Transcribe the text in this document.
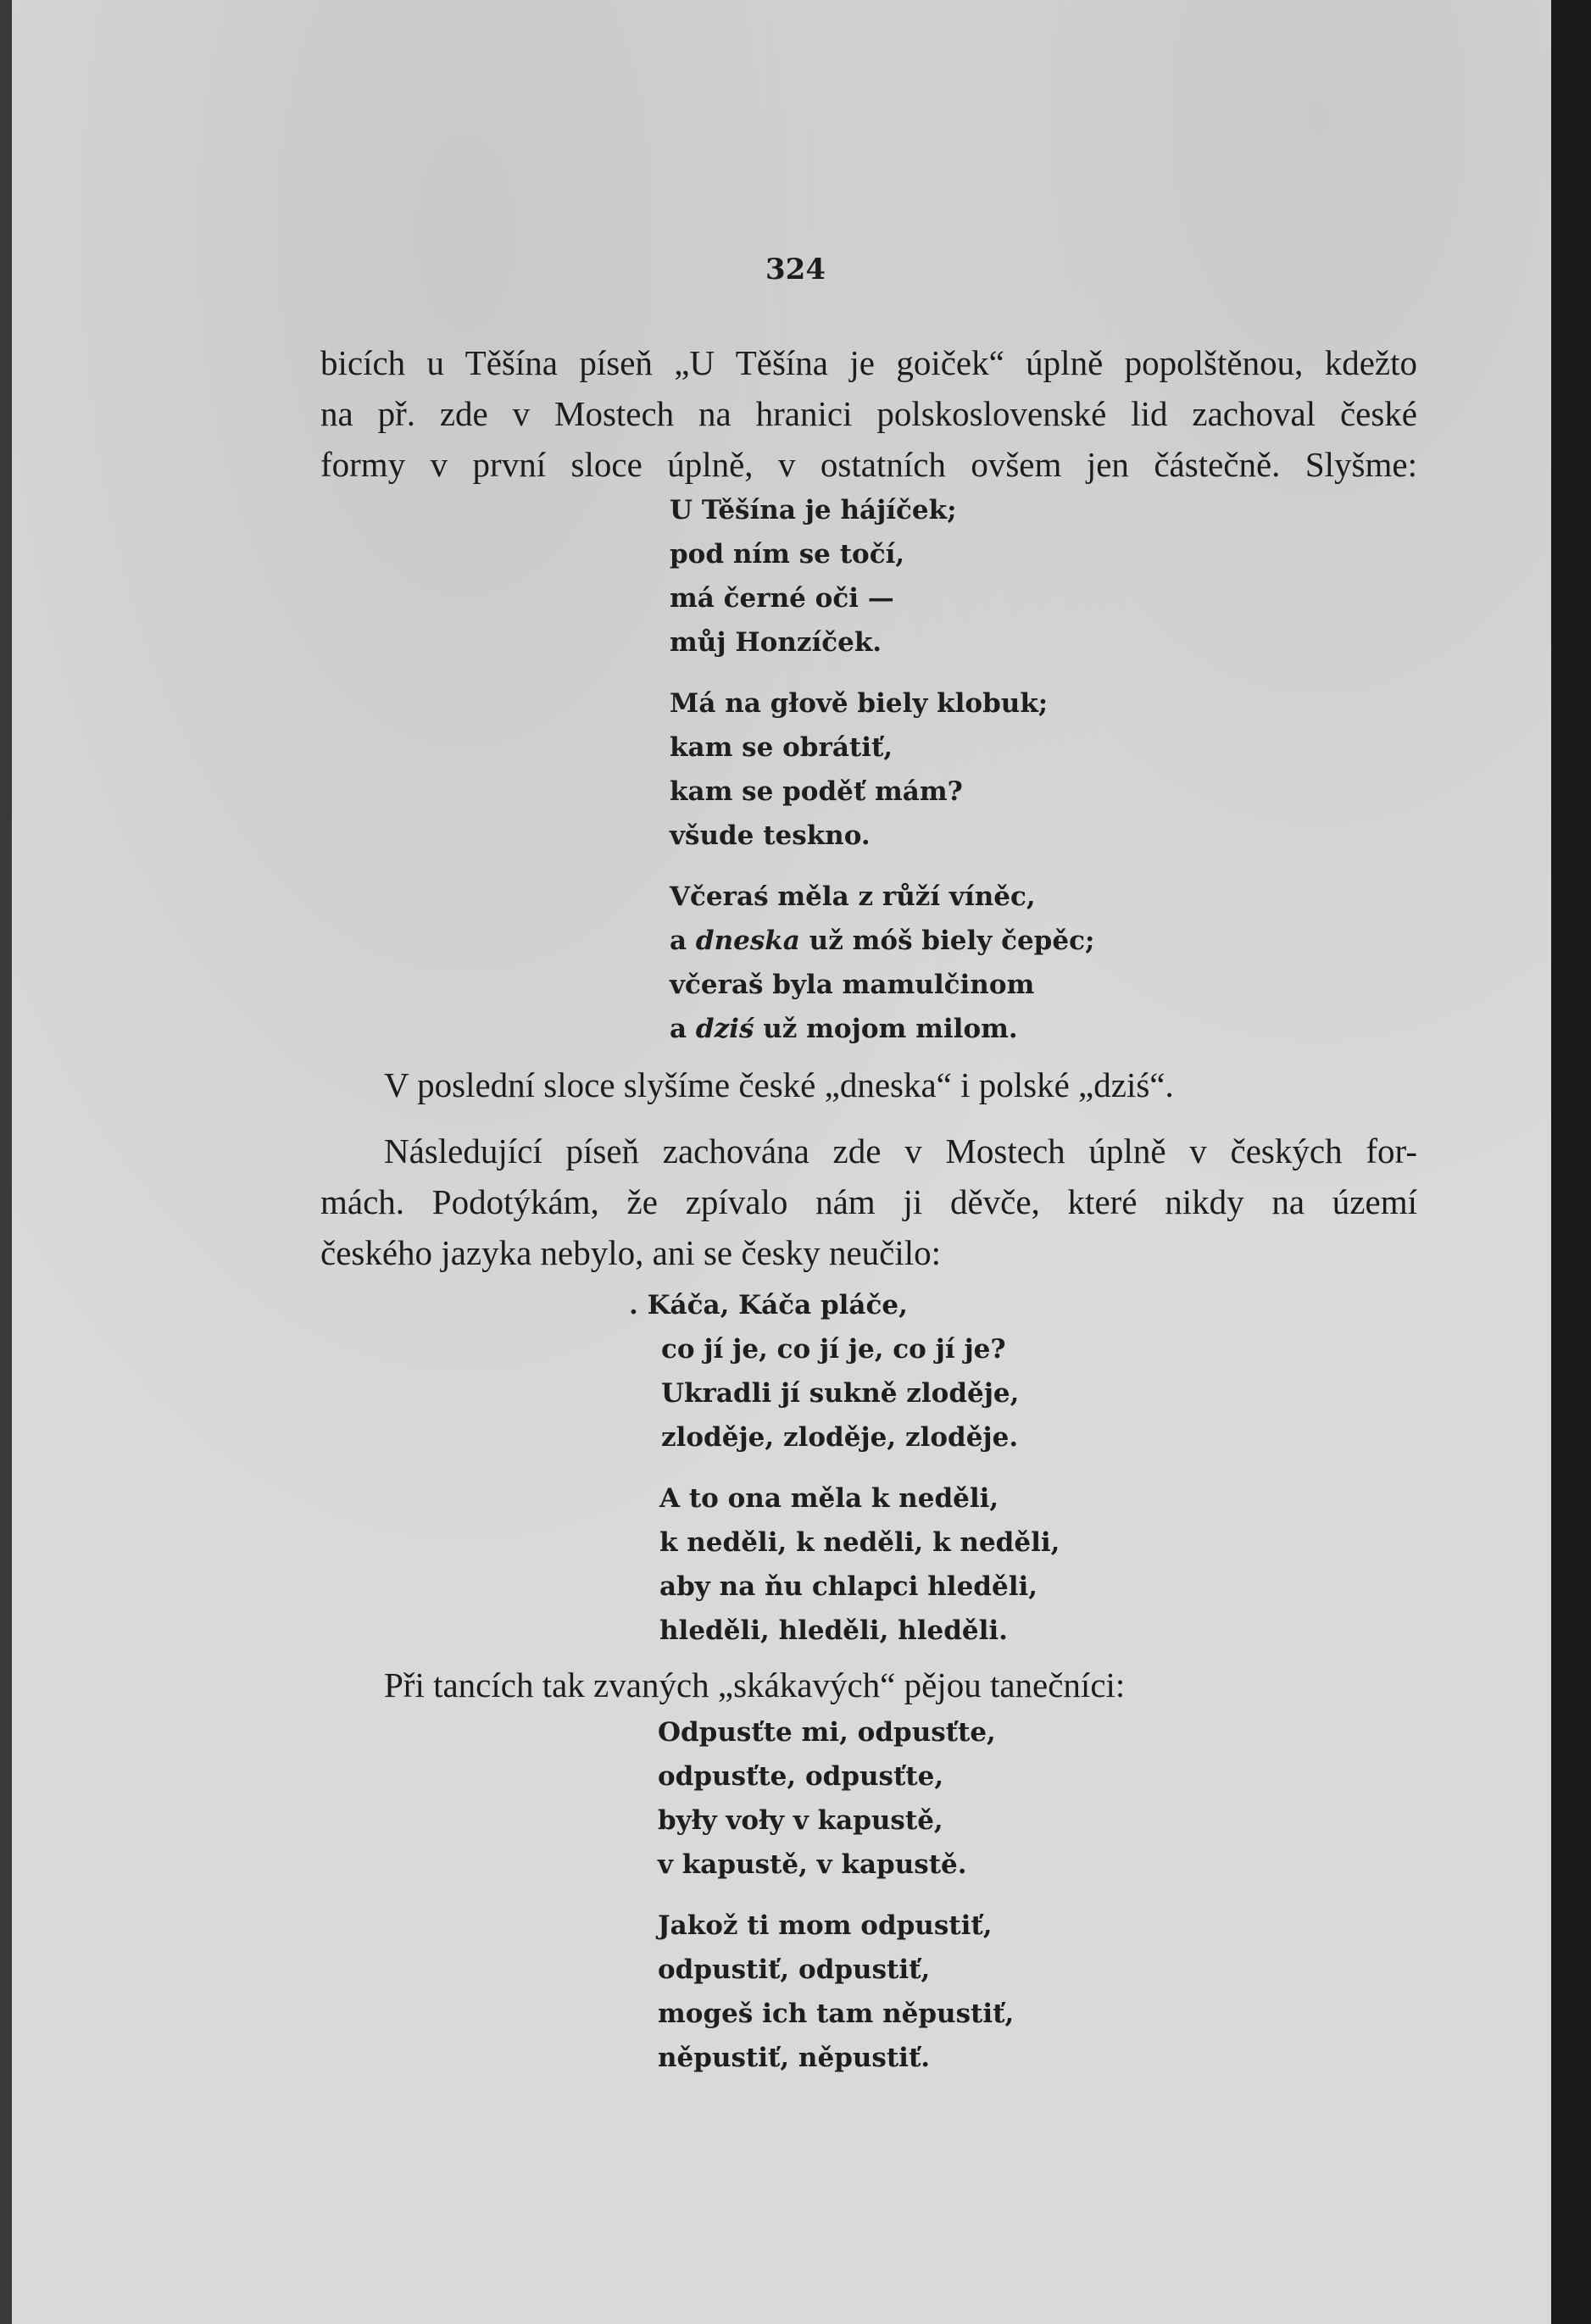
324
bicích u Těšína píseň „U Těšína je goiček“ úplně popolštěnou, kdežto
na př. zde v Mostech na hranici polskoslovenské lid zachoval české
formy v první sloce úplně, v ostatních ovšem jen částečně. Slyšme:
U Těšína je hájíček;
pod ním se točí,
má černé oči —
můj Honzíček.
Má na głově biely klobuk;
kam se obrátiť,
kam se poděť mám?
všude teskno.
Včeraś měla z růží víněc,
a dneska už móš biely čepěc;
včeraš byla mamulčinom
a dziś už mojom milom.
V poslední sloce slyšíme české „dneska“ i polské „dziś“.
Následující píseň zachována zde v Mostech úplně v českých for-
mách. Podotýkám, že zpívalo nám ji děvče, které nikdy na území
českého jazyka nebylo, ani se česky neučilo:
. Káča, Káča pláče,
co jí je, co jí je, co jí je?
Ukradli jí sukně zloděje,
zloděje, zloděje, zloděje.
A to ona měla k neděli,
k neděli, k neděli, k neděli,
aby na ňu chlapci hleděli,
hleděli, hleděli, hleděli.
Při tancích tak zvaných „skákavých“ pějou tanečníci:
Odpusťte mi, odpusťte,
odpusťte, odpusťte,
były voły v kapustě,
v kapustě, v kapustě.
Jakož ti mom odpustiť,
odpustiť, odpustiť,
mogeš ich tam něpustiť,
něpustiť, něpustiť.
